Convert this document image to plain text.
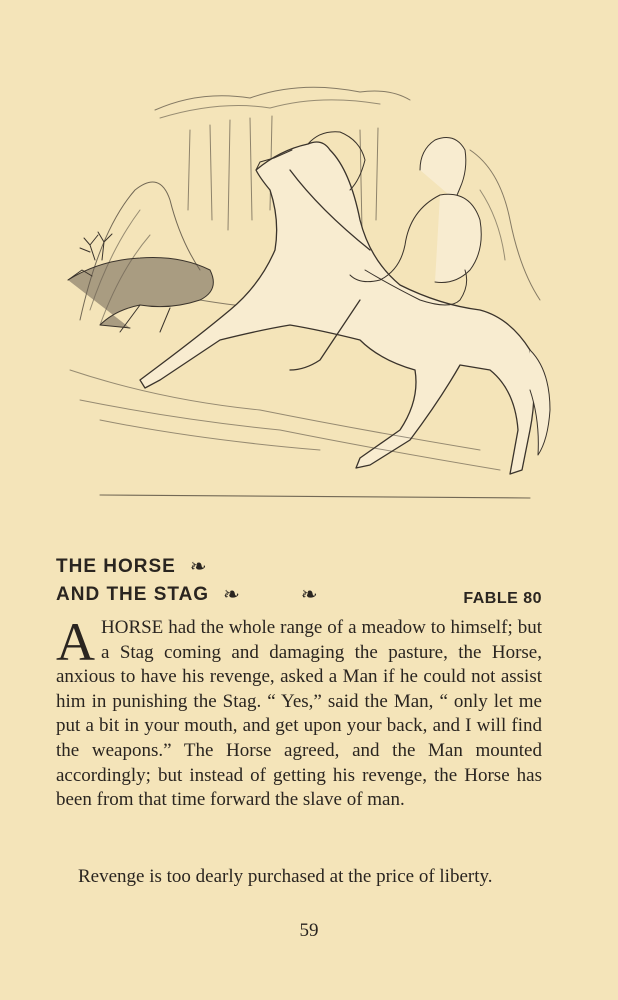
THE HORSE ❧
AND THE STAG ❧	❧	FABLE 80
A HORSE had the whole range of a meadow to himself; but a Stag coming and damaging the pasture, the Horse, anxious to have his revenge, asked a Man if he could not assist him in punishing the Stag. “ Yes,” said the Man, “ only let me put a bit in your mouth, and get upon your back, and I will find the weapons.” The Horse agreed, and the Man mounted accordingly; but instead of getting his revenge, the Horse has been from that time forward the slave of man.
Revenge is too dearly purchased at the price of liberty.
59
